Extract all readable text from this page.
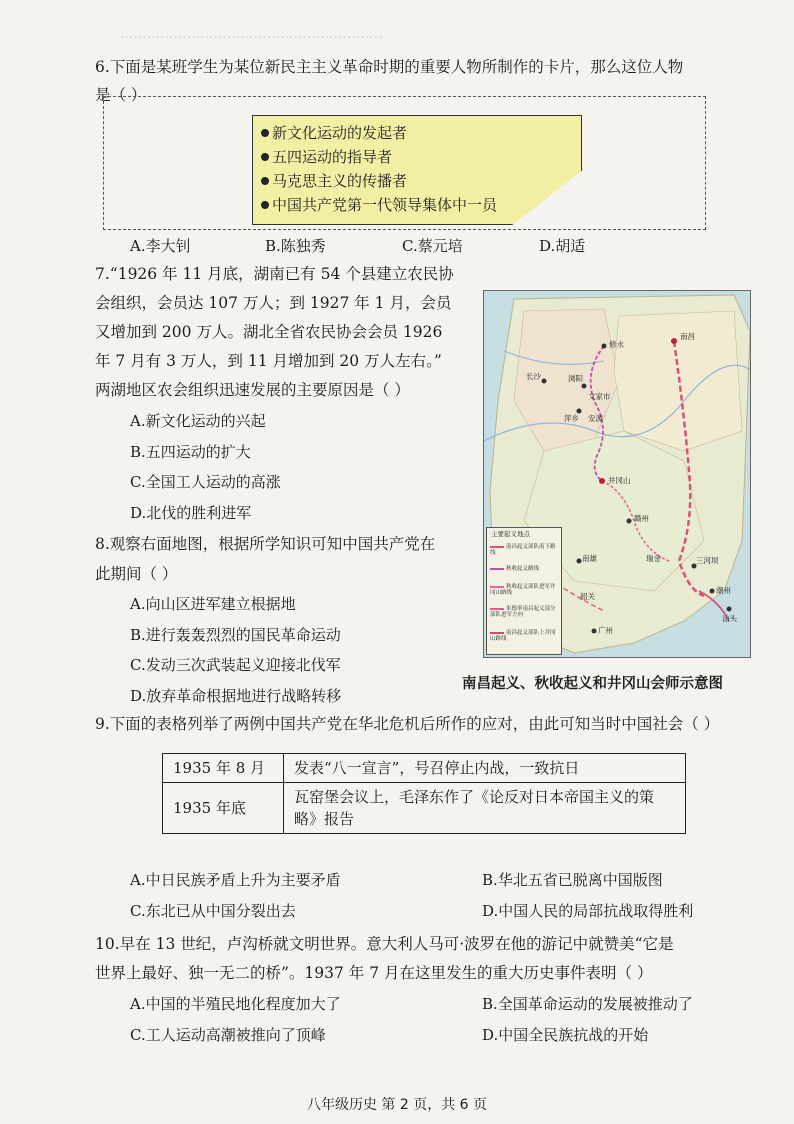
···························································
6.下面是某班学生为某位新民主主义革命时期的重要人物所制作的卡片，那么这位人物
是（ ）
新文化运动的发起者
五四运动的指导者
马克思主义的传播者
中国共产党第一代领导集体中一员
A.李大钊	B.陈独秀	C.蔡元培	D.胡适
7.“1926 年 11 月底，湖南已有 54 个县建立农民协
会组织，会员达 107 万人；到 1927 年 1 月，会员
又增加到 200 万人。湖北全省农民协会会员 1926
年 7 月有 3 万人，到 11 月增加到 20 万人左右。”
两湖地区农会组织迅速发展的主要原因是（ ）
A.新文化运动的兴起
B.五四运动的扩大
C.全国工人运动的高涨
D.北伐的胜利进军
8.观察右面地图，根据所学知识可知中国共产党在
此期间（ ）
A.向山区进军建立根据地
B.进行轰轰烈烈的国民革命运动
C.发动三次武装起义迎接北伐军
D.放弃革命根据地进行战略转移
修水
南昌
长沙	浏阳
文家市
萍乡 安源
井冈山
赣州
瑞金	三河坝
潮州
汕头
南雄
韶关
广州
主要起义地点
南昌起义部队南下路线
秋收起义路线
秋收起义部队进军井冈山路线
朱德率南昌起义部分部队进军方向
南昌起义部队上井冈山路线
南昌起义、秋收起义和井冈山会师示意图
9.下面的表格列举了两例中国共产党在华北危机后所作的应对，由此可知当时中国社会（ ）
1935 年 8 月	发表“八一宣言”，号召停止内战，一致抗日
1935 年底	瓦窑堡会议上，毛泽东作了《论反对日本帝国主义的策略》报告
A.中日民族矛盾上升为主要矛盾	B.华北五省已脱离中国版图
C.东北已从中国分裂出去	D.中国人民的局部抗战取得胜利
10.早在 13 世纪，卢沟桥就文明世界。意大利人马可·波罗在他的游记中就赞美“它是
世界上最好、独一无二的桥”。1937 年 7 月在这里发生的重大历史事件表明（ ）
A.中国的半殖民地化程度加大了	B.全国革命运动的发展被推动了
C.工人运动高潮被推向了顶峰	D.中国全民族抗战的开始
八年级历史 第 2 页，共 6 页
